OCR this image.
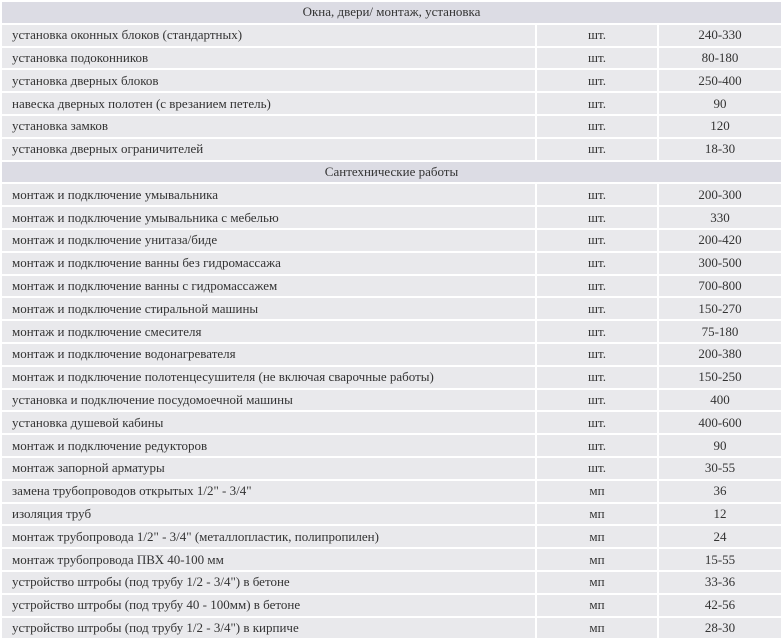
Окна, двери/ монтаж, установка		
установка оконных блоков (стандартных)	шт.	240-330
установка подоконников	шт.	80-180
установка дверных блоков	шт.	250-400
навеска дверных полотен (с врезанием петель)	шт.	90
установка замков	шт.	120
установка дверных ограничителей	шт.	18-30
Сантехнические работы		
монтаж и подключение умывальника	шт.	200-300
монтаж и подключение умывальника с мебелью	шт.	330
монтаж и подключение унитаза/биде	шт.	200-420
монтаж и подключение ванны без гидромассажа	шт.	300-500
монтаж и подключение ванны с гидромассажем	шт.	700-800
монтаж и подключение стиральной машины	шт.	150-270
монтаж и подключение смесителя	шт.	75-180
монтаж и подключение водонагревателя	шт.	200-380
монтаж и подключение полотенцесушителя (не включая сварочные работы)	шт.	150-250
установка и подключение посудомоечной машины	шт.	400
установка душевой кабины	шт.	400-600
монтаж и подключение редукторов	шт.	90
монтаж запорной арматуры	шт.	30-55
замена трубопроводов открытых 1/2" - 3/4"	мп	36
изоляция труб	мп	12
монтаж трубопровода 1/2" - 3/4" (металлопластик, полипропилен)	мп	24
монтаж трубопровода ПВХ 40-100 мм	мп	15-55
устройство штробы (под трубу 1/2 - 3/4") в бетоне	мп	33-36
устройство штробы (под трубу 40 - 100мм) в бетоне	мп	42-56
устройство штробы (под трубу 1/2 - 3/4") в кирпиче	мп	28-30
